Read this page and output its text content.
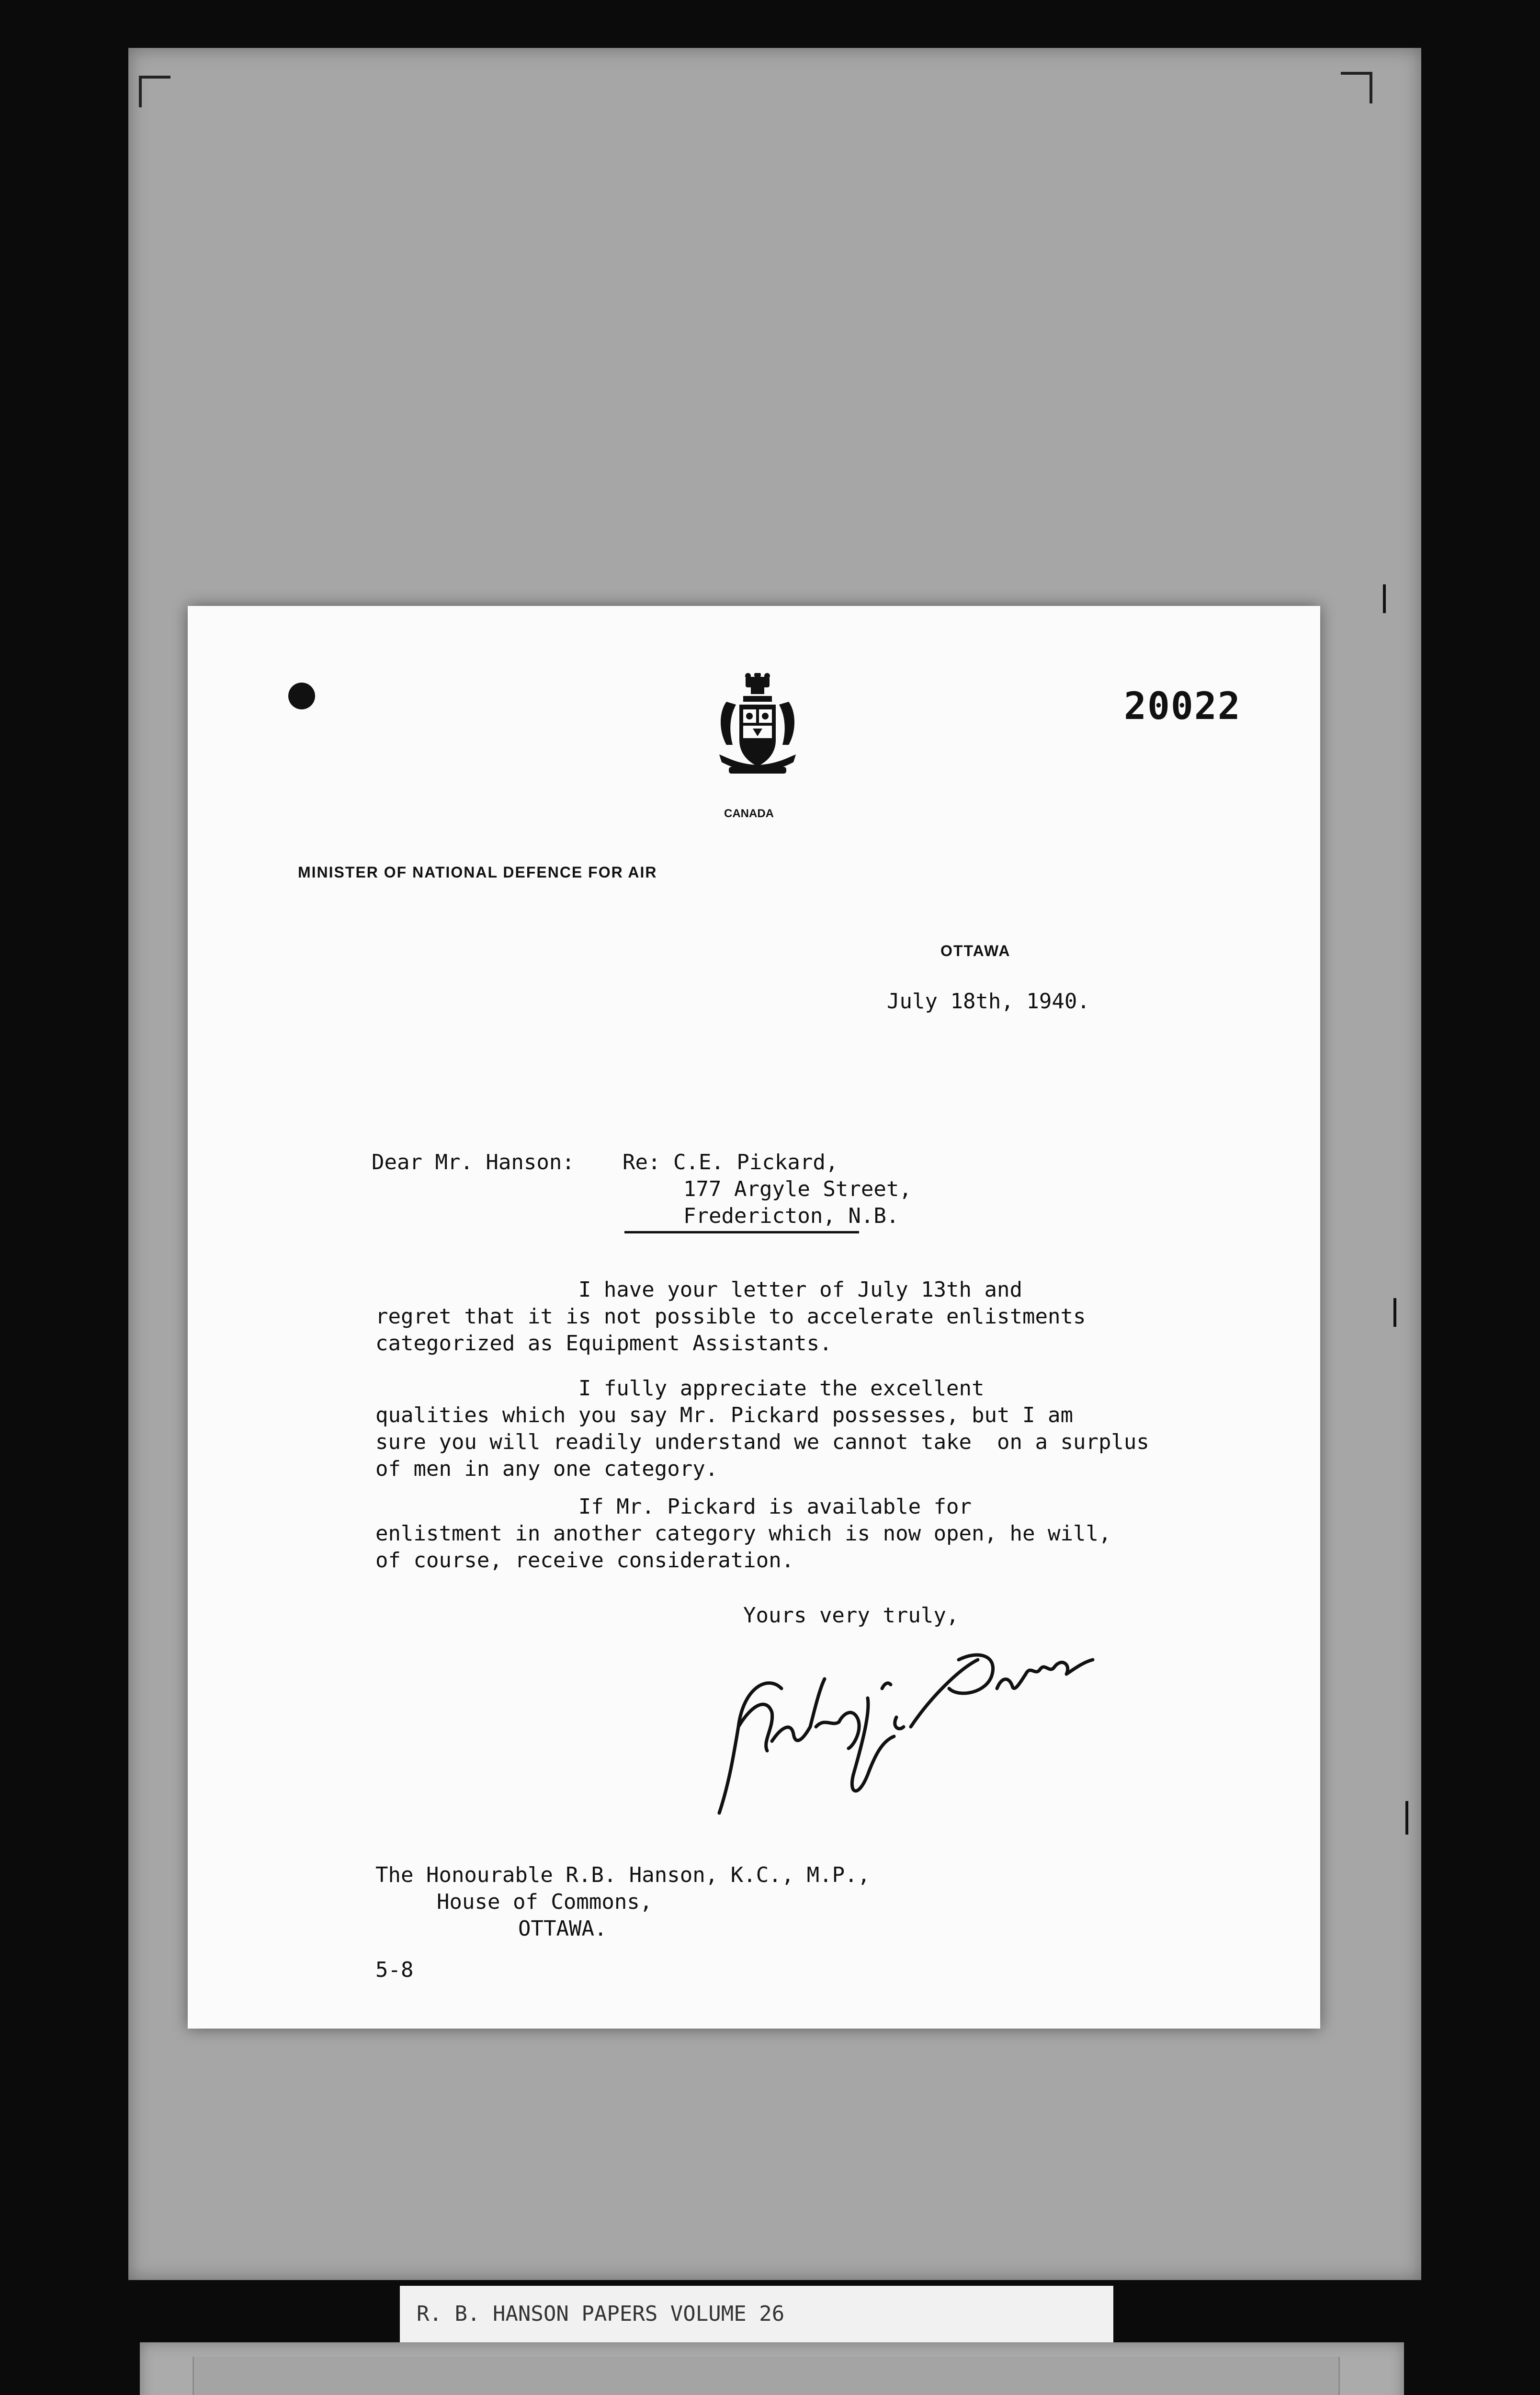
20022
CANADA
MINISTER OF NATIONAL DEFENCE FOR AIR
OTTAWA
July 18th, 1940.
Dear Mr. Hanson: Re: C.E. Pickard,
177 Argyle Street,
Fredericton, N.B.
I have your letter of July 13th and
regret that it is not possible to accelerate enlistments
categorized as Equipment Assistants.
I fully appreciate the excellent
qualities which you say Mr. Pickard possesses, but I am
sure you will readily understand we cannot take  on a surplus
of men in any one category.
If Mr. Pickard is available for
enlistment in another category which is now open, he will,
of course, receive consideration.
Yours very truly,
The Honourable R.B. Hanson, K.C., M.P.,
House of Commons,
OTTAWA.
5-8
R. B. HANSON PAPERS VOLUME 26
